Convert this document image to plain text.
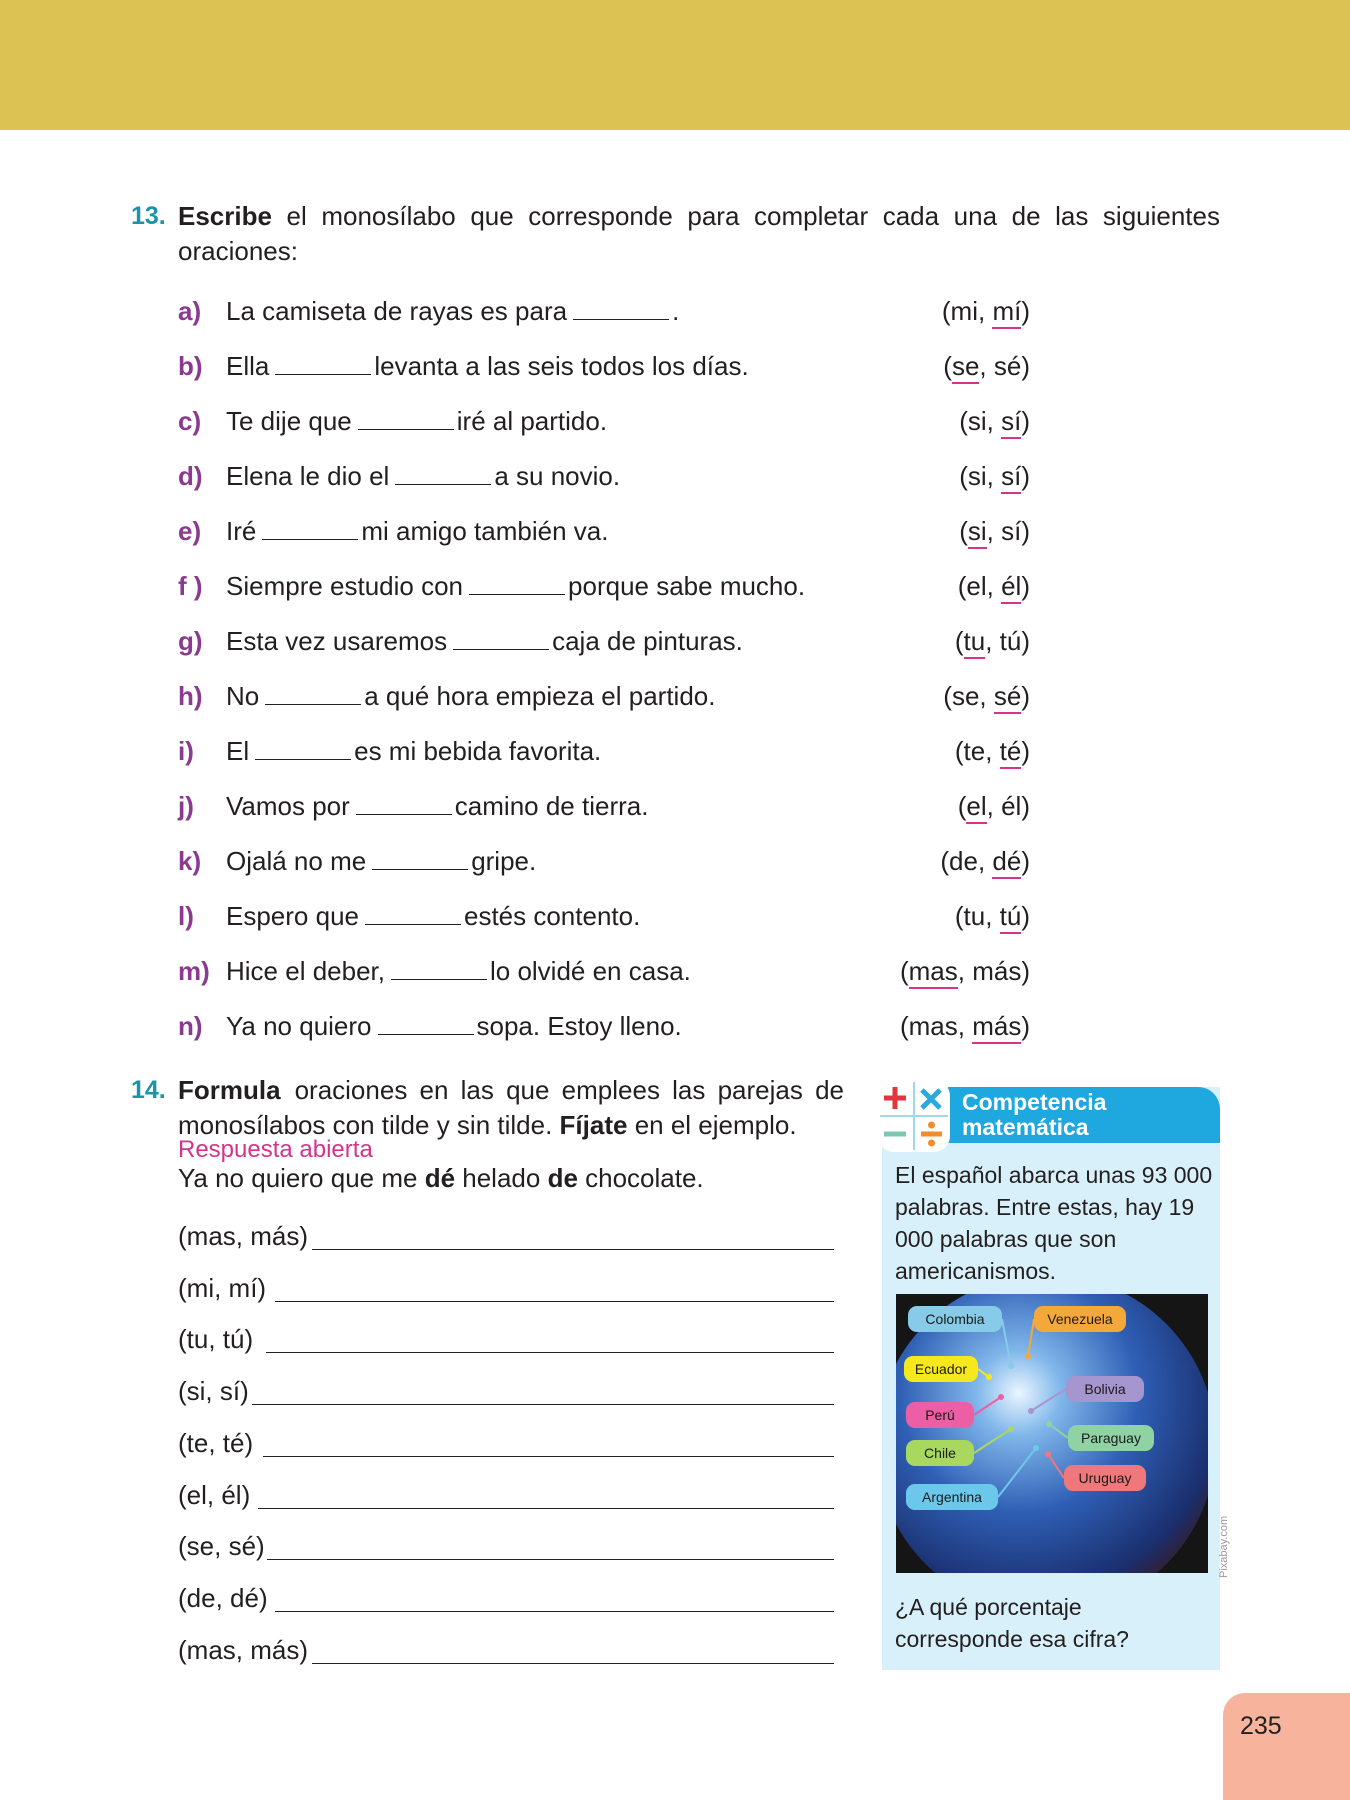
13. Escribe el monosílabo que corresponde para completar cada una de las siguientes oraciones:
a) La camiseta de rayas es para	.	(mi, mí)
b) Ella	levanta a las seis todos los días.	(se, sé)
c) Te dije que	iré al partido.	(si, sí)
d) Elena le dio el	a su novio.	(si, sí)
e) Iré	mi amigo también va.	(si, sí)
f ) Siempre estudio con	porque sabe mucho.	(el, él)
g) Esta vez usaremos	caja de pinturas.	(tu, tú)
h) No	a qué hora empieza el partido.	(se, sé)
i) El	es mi bebida favorita.	(te, té)
j) Vamos por	camino de tierra.	(el, él)
k) Ojalá no me	gripe.	(de, dé)
l) Espero que	estés contento.	(tu, tú)
m) Hice el deber,	lo olvidé en casa.	(mas, más)
n) Ya no quiero	sopa. Estoy lleno.	(mas, más)
14. Formula oraciones en las que emplees las parejas de
monosílabos con tilde y sin tilde. Fíjate en el ejemplo.
Respuesta abierta
Ya no quiero que me dé helado de chocolate.
(mas, más)
(mi, mí)
(tu, tú)
(si, sí)
(te, té)
(el, él)
(se, sé)
(de, dé)
(mas, más)
Competencia
matemática
El español abarca unas 93 000 palabras. Entre estas, hay 19 000 palabras que son americanismos.
Colombia	Venezuela
Ecuador
Bolivia
Perú
Paraguay
Chile
Uruguay
Argentina
Pixabay.com
¿A qué porcentaje corresponde esa cifra?
235
